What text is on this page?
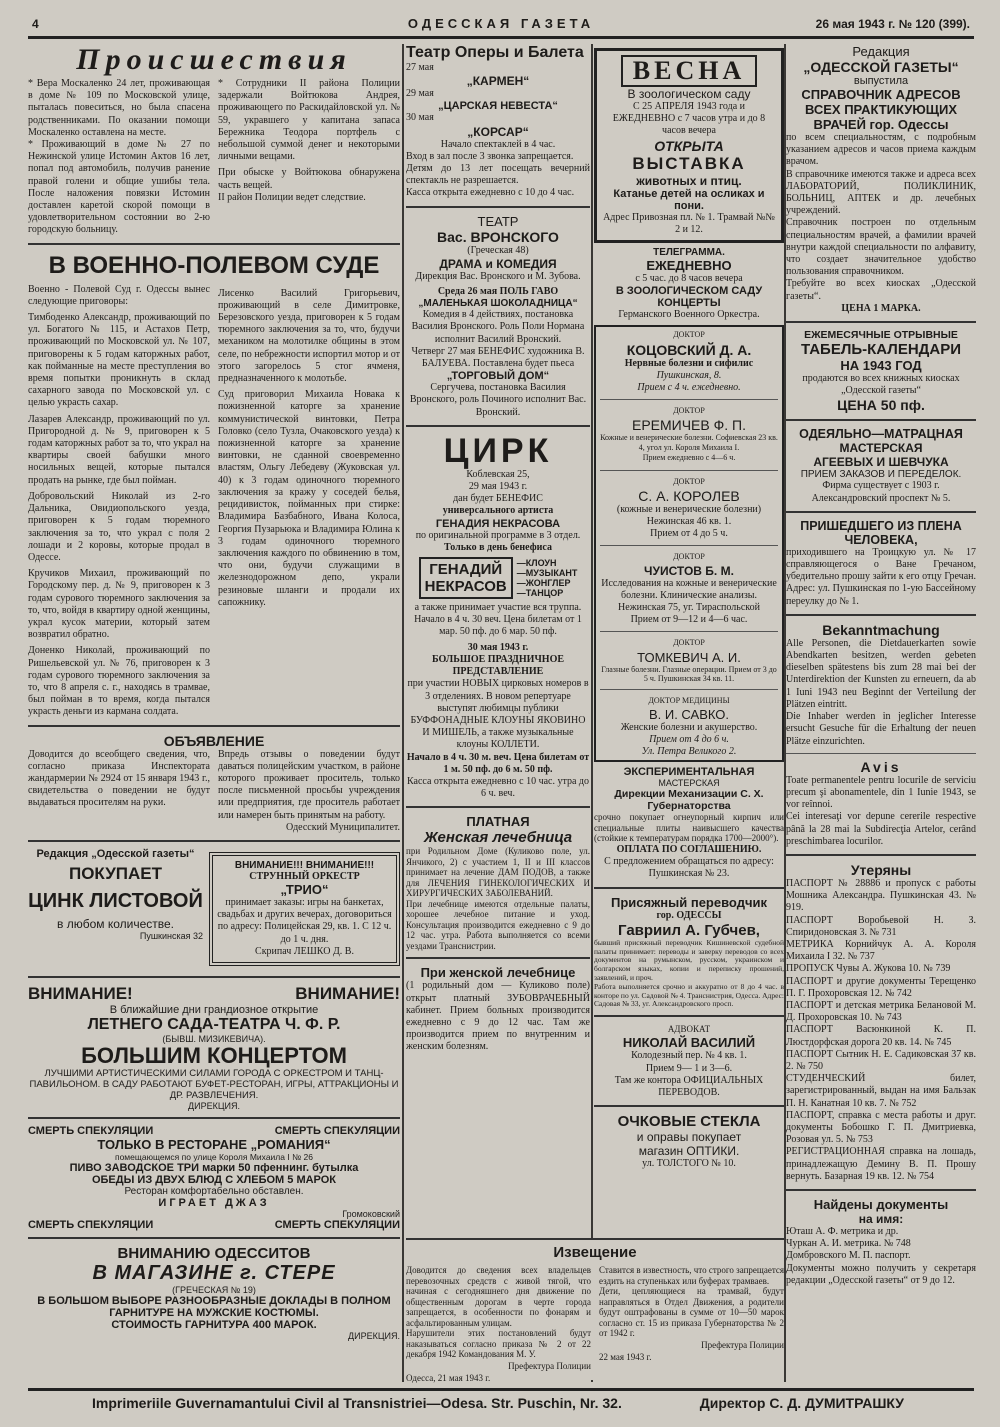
4	ОДЕССКАЯ ГАЗЕТА	26 мая 1943 г. № 120 (399).

Происшествия

* Вера Москаленко 24 лет, проживающая в доме № 109 по Московской улице, пыталась повеситься, но была спасена родственниками. По оказании помощи Москаленко оставлена на месте.

* Проживающий в доме № 27 по Нежинской улице Истомин Актов 16 лет, попал под автомобиль, получив ранение правой голени и общие ушибы тела. После наложения повязки Истомин доставлен каретой скорой помощи в удовлетворительном состоянии во 2-ю городскую больницу.

* Сотрудники II района Полиции задержали Войтюкова Андрея, проживающего по Раскидайловской ул. № 59, укравшего у капитана запаса Бережника Теодора портфель с небольшой суммой денег и некоторыми личными вещами.

При обыске у Войтюкова обнаружена часть вещей.

II район Полиции ведет следствие.

В ВОЕННО-ПОЛЕВОМ СУДЕ

Военно - Полевой Суд г. Одессы вынес следующие приговоры:

Тимбоденко Александр, проживающий по ул. Богатого № 115, и Астахов Петр, проживающий по Московской ул. № 107, приговорены к 5 годам каторжных работ, как пойманные на месте преступления во время попытки проникнуть в склад сахарного завода по Московской ул. с целью украсть сахар.

Лазарев Александр, проживающий по ул. Пригородной д. № 9, приговорен к 5 годам каторжных работ за то, что украл на квартиры своей бабушки много носильных вещей, которые пытался продать на рынке, где был пойман.

Добровольский Николай из 2-го Дальника, Овидиопольского уезда, приговорен к 5 годам тюремного заключения за то, что украл с поля 2 лошади и 2 коровы, которые продал в Одессе.

Кручиков Михаил, проживающий по Городскому пер. д. № 9, приговорен к 3 годам сурового тюремного заключения за то, что, войдя в квартиру одной женщины, украл кусок материи, который затем возвратил обратно.

Доненко Николай, проживающий по Ришельевской ул. № 76, приговорен к 3 годам сурового тюремного заключения за то, что 8 апреля с. г., находясь в трамвае, был пойман в то время, когда пытался украсть деньги из кармана солдата.

Лисенко Василий Григорьевич, проживающий в селе Димитровке, Березовского уезда, приговорен к 5 годам тюремного заключения за то, что, будучи механиком на молотилке общины в этом селе, по небрежности испортил мотор и от этого загорелось 5 стог ячменя, предназначенного к молотьбе.

Суд приговорил Михаила Новака к пожизненной каторге за хранение коммунистической винтовки, Петра Головко (село Тузла, Очаковского уезда) к пожизненной каторге за хранение винтовки, не сданной своевременно властям, Ольгу Лебедеву (Жуковская ул. 40) к 3 годам одиночного тюремного заключения за кражу у соседей белья, рецидивисток, пойманных при стирке: Владимира Базбабного, Ивана Колоса, Георгия Пузарьюка и Владимира Юлина к 3 годам одиночного тюремного заключения каждого по обвинению в том, что они, будучи служащими в железнодорожном депо, украли резиновые шланги и продали их сапожнику.

ОБЪЯВЛЕНИЕ

Доводится до всеобщего сведения, что, согласно приказа Инспектората жандармерии № 2924 от 15 января 1943 г., свидетельства о поведении не будут выдаваться просителям на руки.

Впредь отзывы о поведении будут даваться полицейским участком, в районе которого проживает проситель, только после письменной просьбы учреждения или предприятия, где проситель работает или намерен быть принятым на работу.

Одесский Муниципалитет.

Редакция „Одесской газеты“

ПОКУПАЕТ

ЦИНК ЛИСТОВОЙ

в любом количестве.

Пушкинская 32

ВНИМАНИЕ!!! ВНИМАНИЕ!!!

СТРУННЫЙ ОРКЕСТР

„ТРИО“

принимает заказы: игры на банкетах, свадьбах и других вечерах, договориться по адресу: Полицейская 29, кв. 1. С 12 ч. до 1 ч. дня.

Скрипач ЛЕШКО Д. В.

ВНИМАНИЕ!	ВНИМАНИЕ!

В ближайшие дни грандиозное открытие

ЛЕТНЕГО САДА-ТЕАТРА Ч. Ф. Р.

(БЫВШ. МИЗИКЕВИЧА).

БОЛЬШИМ КОНЦЕРТОМ

ЛУЧШИМИ АРТИСТИЧЕСКИМИ СИЛАМИ ГОРОДА С ОРКЕСТРОМ И ТАНЦ-ПАВИЛЬОНОМ. В САДУ РАБОТАЮТ БУФЕТ-РЕСТОРАН, ИГРЫ, АТТРАКЦИОНЫ И ДР. РАЗВЛЕЧЕНИЯ.

ДИРЕКЦИЯ.

СМЕРТЬ СПЕКУЛЯЦИИ	СМЕРТЬ СПЕКУЛЯЦИИ

ТОЛЬКО В РЕСТОРАНЕ „РОМАНИЯ“

помещающемся по улице Короля Михаила I № 26

ПИВО ЗАВОДСКОЕ ТРИ марки 50 пфеннинг. бутылка

ОБЕДЫ ИЗ ДВУХ БЛЮД С ХЛЕБОМ 5 МАРОК

Ресторан комфортабельно обставлен.

ИГРАЕТ ДЖАЗ

Громоковский

СМЕРТЬ СПЕКУЛЯЦИИ	СМЕРТЬ СПЕКУЛЯЦИИ

ВНИМАНИЮ ОДЕССИТОВ

В МАГАЗИНЕ г. СТЕРЕ

(ГРЕЧЕСКАЯ № 19)

В БОЛЬШОМ ВЫБОРЕ РАЗНООБРАЗНЫЕ ДОКЛАДЫ В ПОЛНОМ ГАРНИТУРЕ НА МУЖСКИЕ КОСТЮМЫ.

СТОИМОСТЬ ГАРНИТУРА 400 МАРОК.

ДИРЕКЦИЯ.

Театр Оперы и Балета

27 мая

„КАРМЕН“

29 мая

„ЦАРСКАЯ НЕВЕСТА“

30 мая

„КОРСАР“

Начало спектаклей в 4 час.

Вход в зал после 3 звонка запрещается.

Детям до 13 лет посещать вечерний спектакль не разрешается.

Касса открыта ежедневно с 10 до 4 час.

ТЕАТР

Вас. ВРОНСКОГО

(Греческая 48)

ДРАМА и КОМЕДИЯ

Дирекция Вас. Вронского и М. Зубова.

Среда 26 мая ПОЛЬ ГАВО

„МАЛЕНЬКАЯ ШОКОЛАДНИЦА“

Комедия в 4 действиях, постановка Василия Вронского. Роль Поли Нормана исполнит Василий Вронский.

Четверг 27 мая БЕНЕФИС художника В. БАЛУЕВА. Поставлена будет пьеса

„ТОРГОВЫЙ ДОМ“

Сергучева, постановка Василия Вронского, роль Починого исполнит Вас. Вронский.

ЦИРК

Коблевская 25,

29 мая 1943 г.

дан будет БЕНЕФИС

универсального артиста

ГЕНАДИЯ НЕКРАСОВА

по оригинальной программе в 3 отдел.

Только в день бенефиса

ГЕНАДИЙ

НЕКРАСОВ

—КЛОУН

—МУЗЫКАНТ

—ЖОНГЛЕР

—ТАНЦОР

а также принимает участие вся труппа.

Начало в 4 ч. 30 веч. Цена билетам от 1 мар. 50 пф. до 6 мар. 50 пф.

30 мая 1943 г.

БОЛЬШОЕ ПРАЗДНИЧНОЕ ПРЕДСТАВЛЕНИЕ

при участии НОВЫХ цирковых номеров в 3 отделениях. В новом репертуаре выступят любимцы публики БУФФОНАДНЫЕ КЛОУНЫ ЯКОВИНО И МИШЕЛЬ, а также музыкальные клоуны КОЛЛЕТИ.

Начало в 4 ч. 30 м. веч. Цена билетам от 1 м. 50 пф. до 6 м. 50 пф.

Касса открыта ежедневно с 10 час. утра до 6 ч. веч.

ПЛАТНАЯ

Женская лечебница

при Родильном Доме (Куликово поле, ул. Янчикого, 2) с участием 1, II и III классов принимает на лечение ДАМ ПОДОВ, а также для ЛЕЧЕНИЯ ГИНЕКОЛОГИЧЕСКИХ И ХИРУРГИЧЕСКИХ ЗАБОЛЕВАНИЙ.

При лечебнице имеются отдельные палаты, хорошее лечебное питание и уход. Консультация производится ежедневно с 9 до 12 час. утра. Работа выполняется со всеми уездами Транснистрии.

При женской лечебнице

(1 родильный дом — Куликово поле) открыт платный ЗУБОВРАЧЕБНЫЙ кабинет. Прием больных производится ежедневно с 9 до 12 час. Там же производится прием по внутренним и женским болезням.

ВЕСНА

В зоологическом саду

С 25 АПРЕЛЯ 1943 года и ЕЖЕДНЕВНО с 7 часов утра и до 8 часов вечера

ОТКРЫТА

ВЫСТАВКА

животных и птиц.

Катанье детей на осликах и пони.

Адрес Привозная пл. № 1. Трамвай №№ 2 и 12.

ТЕЛЕГРАММА.

ЕЖЕДНЕВНО

с 5 час. до 8 часов вечера

В ЗООЛОГИЧЕСКОМ САДУ

КОНЦЕРТЫ

Германского Военного Оркестра.

ДОКТОР

КОЦОВСКИЙ Д. А.

Нервные болезни и сифилис

Пушкинская, 8.

Прием с 4 ч. ежедневно.

ДОКТОР

ЕРЕМИЧЕВ Ф. П.

Кожные и венерические болезни. Софиевская 23 кв. 4, угол ул. Короля Михаила I.

Прием ежедневно с 4—6 ч.

ДОКТОР

С. А. КОРОЛЕВ

(кожные и венерические болезни)

Нежинская 46 кв. 1.

Прием от 4 до 5 ч.

ДОКТОР

ЧУИСТОВ Б. М.

Исследования на кожные и венерические болезни. Клинические анализы.

Нежинская 75, уг. Тираспольской

Прием от 9—12 и 4—6 час.

ДОКТОР

ТОМКЕВИЧ А. И.

Глазные болезни. Глазные операции. Прием от 3 до 5 ч. Пушкинская 34 кв. 11.

ДОКТОР МЕДИЦИНЫ

В. И. САВКО.

Женские болезни и акушерство.

Прием от 4 до 6 ч.

Ул. Петра Великого 2.

ЭКСПЕРИМЕНТАЛЬНАЯ

МАСТЕРСКАЯ

Дирекции Механизации С. Х. Губернаторства

срочно покупает огнеупорный кирпич или специальные плиты наивысшего качества (стойкие к температурам порядка 1700—2000°).

ОПЛАТА ПО СОГЛАШЕНИЮ.

С предложением обращаться по адресу: Пушкинская № 23.

Присяжный переводчик

гор. ОДЕССЫ

Гавриил А. Губчев,

бывший присяжный переводчик Кишиневской судебной палаты принимает: переводы и заверку переводов со всех документов на румынском, русском, украинском и болгарском языках, копии и переписку прошений, заявлений, и проч.

Работа выполняется срочно и аккуратно от 8 до 4 час. в конторе по ул. Садовой № 4. Транснистрия, Одесса. Адрес: Садовая № 33, уг. Александровского просп.

АДВОКАТ

НИКОЛАЙ ВАСИЛИЙ

Колодезный пер. № 4 кв. 1.

Прием 9— 1 и 3—6.

Там же контора ОФИЦИАЛЬНЫХ ПЕРЕВОДОВ.

ОЧКОВЫЕ СТЕКЛА

и оправы покупает

магазин ОПТИКИ.

ул. ТОЛСТОГО № 10.

Извещение

Доводится до сведения всех владельцев перевозочных средств с живой тягой, что начиная с сегодняшнего дня движение по общественным дорогам в черте города запрещается, в особенности по фонарям и асфальтированным улицам.

Нарушители этих постановлений будут наказываться согласно приказа № 2 от 22 декабря 1942 Командования М. У.

Префектура Полиции

Одесса, 21 мая 1943 г.

Ставится в известность, что строго запрещается ездить на ступеньках или буферах трамваев.

Дети, цепляющиеся на трамвай, будут направляться в Отдел Движения, а родители будут оштрафованы в сумме от 10—50 марок согласно ст. 15 из приказа Губернаторства № 2 от 1942 г.

Префектура Полиции

22 мая 1943 г.

Редакция

„ОДЕССКОЙ ГАЗЕТЫ“

выпустила

СПРАВОЧНИК АДРЕСОВ

ВСЕХ ПРАКТИКУЮЩИХ

ВРАЧЕЙ гор. Одессы

по всем специальностям, с подробным указанием адресов и часов приема каждым врачом.

В справочнике имеются также и адреса всех ЛАБОРАТОРИЙ, ПОЛИКЛИНИК, БОЛЬНИЦ, АПТЕК и др. лечебных учреждений.

Справочник построен по отдельным специальностям врачей, а фамилии врачей внутри каждой специальности по алфавиту, что создает значительное удобство пользования справочником.

Требуйте во всех киосках „Одесской газеты“.

ЦЕНА 1 МАРКА.

ЕЖЕМЕСЯЧНЫЕ ОТРЫВНЫЕ

ТАБЕЛЬ-КАЛЕНДАРИ

НА 1943 ГОД

продаются во всех книжных киосках „Одесской газеты“

ЦЕНА 50 пф.

ОДЕЯЛЬНО—МАТРАЦНАЯ

МАСТЕРСКАЯ

АГЕЕВЫХ И ШЕВЧУКА

ПРИЕМ ЗАКАЗОВ И ПЕРЕДЕЛОК.

Фирма существует с 1903 г.

Александровский проспект № 5.

ПРИШЕДШЕГО ИЗ ПЛЕНА

ЧЕЛОВЕКА,

приходившего на Троицкую ул. № 17 справляющегося о Ване Гречаном, убедительно прошу зайти к его отцу Гречан. Адрес: ул. Пушкинская по 1-ую Бассейному переулку до № 1.

Bekanntmachung

Alle Personen, die Dietdauerkarten sowie Abendkarten besitzen, werden gebeten dieselben spätestens bis zum 28 mai bei der Unterdirektion der Kunsten zu erneuern, da ab 1 Iuni 1943 neu Beginnt der Verteilung der Plätzen eintritt.

Die Inhaber werden in jeglicher Interesse ersucht Gesuche für die Erhaltung der neuen Plätze einzurichten.

Avis

Toate permanentele pentru locurile de serviciu precum şi abonamentele, din 1 Iunie 1943, se vor reînnoi.

Cei interesaţi vor depune cererile respective până la 28 mai la Subdirecţia Artelor, cerând preschimbarea locurilor.

Утеряны

ПАСПОРТ № 28886 и пропуск с работы Мошника Александра. Пушкинская 43. № 919.

ПАСПОРТ Воробьевой Н. З. Спиридоновская 3. № 731

МЕТРИКА Корнийчук А. А. Короля Михаила I 32. № 737

ПРОПУСК Чувы А. Жукова 10. № 739

ПАСПОРТ и другие документы Терещенко П. Г. Прохоровская 12. № 742

ПАСПОРТ и детская метрика Белановой М. Д. Прохоровская 10. № 743

ПАСПОРТ Васюнкиной К. П. Люстдорфская дорога 20 кв. 14. № 745

ПАСПОРТ Сытник Н. Е. Садиковская 37 кв. 2. № 750

СТУДЕНЧЕСКИЙ билет, зарегистрированный, выдан на имя Бальзак П. Н. Канатная 10 кв. 7. № 752

ПАСПОРТ, справка с места работы и друг. документы Бобошко Г. П. Дмитриевка, Розовая ул. 5. № 753

РЕГИСТРАЦИОННАЯ справка на лошадь, принадлежащую Демину В. П. Прошу вернуть. Базарная 19 кв. 12. № 754

Найдены документы

на имя:

Юташ А. Ф. метрика и др.

Чуркан А. И. метрика. № 748

Домбровского М. П. паспорт.

Документы можно получить у секретаря редакции „Одесской газеты“ от 9 до 12.

Imprimeriile Guvernamantului Civil al Transnistriei—Odesa. Str. Puschin, Nr. 32.	Директор С. Д. ДУМИТРАШКУ
